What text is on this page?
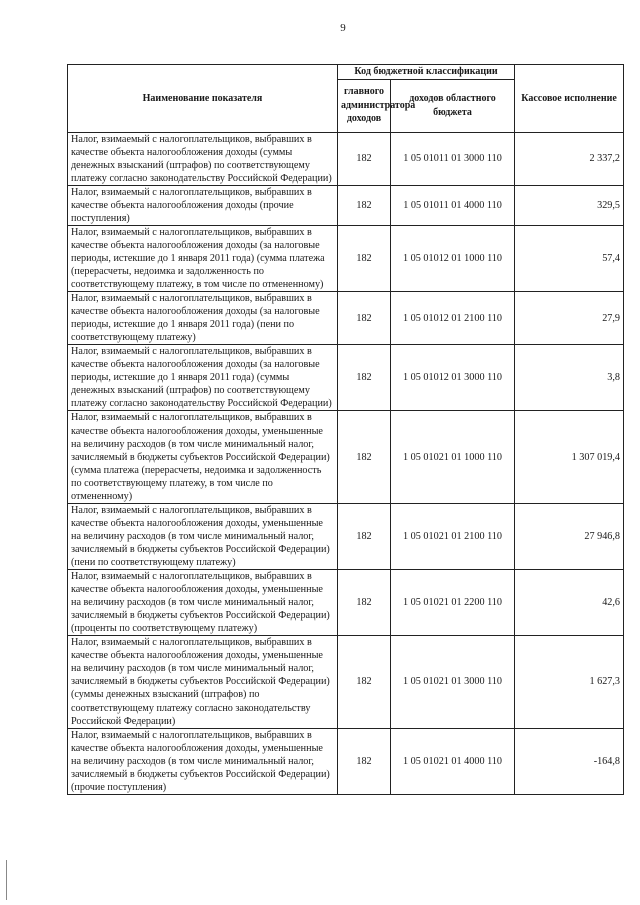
9
Наименование показателя	Код бюджетной классификации		Кассовое исполнение
	главного администратора доходов	доходов областного бюджета	
Налог, взимаемый с налогоплательщиков, выбравших в качестве объекта налогообложения доходы (суммы денежных взысканий (штрафов) по соответствующему платежу согласно законодательству Российской Федерации)	182	1 05 01011 01 3000 110	2 337,2
Налог, взимаемый с налогоплательщиков, выбравших в качестве объекта налогообложения доходы (прочие поступления)	182	1 05 01011 01 4000 110	329,5
Налог, взимаемый с налогоплательщиков, выбравших в качестве объекта налогообложения доходы (за налоговые периоды, истекшие до 1 января 2011 года) (сумма платежа (перерасчеты, недоимка и задолженность по соответствующему платежу, в том числе по отмененному)	182	1 05 01012 01 1000 110	57,4
Налог, взимаемый с налогоплательщиков, выбравших в качестве объекта налогообложения доходы (за налоговые периоды, истекшие до 1 января 2011 года) (пени по соответствующему платежу)	182	1 05 01012 01 2100 110	27,9
Налог, взимаемый с налогоплательщиков, выбравших в качестве объекта налогообложения доходы (за налоговые периоды, истекшие до 1 января 2011 года) (суммы денежных взысканий (штрафов) по соответствующему платежу согласно законодательству Российской Федерации)	182	1 05 01012 01 3000 110	3,8
Налог, взимаемый с налогоплательщиков, выбравших в качестве объекта налогообложения доходы, уменьшенные на величину расходов (в том числе минимальный налог, зачисляемый в бюджеты субъектов Российской Федерации) (сумма платежа (перерасчеты, недоимка и задолженность по соответствующему платежу, в том числе по отмененному)	182	1 05 01021 01 1000 110	1 307 019,4
Налог, взимаемый с налогоплательщиков, выбравших в качестве объекта налогообложения доходы, уменьшенные на величину расходов (в том числе минимальный налог, зачисляемый в бюджеты субъектов Российской Федерации) (пени по соответствующему платежу)	182	1 05 01021 01 2100 110	27 946,8
Налог, взимаемый с налогоплательщиков, выбравших в качестве объекта налогообложения доходы, уменьшенные на величину расходов (в том числе минимальный налог, зачисляемый в бюджеты субъектов Российской Федерации) (проценты по соответствующему платежу)	182	1 05 01021 01 2200 110	42,6
Налог, взимаемый с налогоплательщиков, выбравших в качестве объекта налогообложения доходы, уменьшенные на величину расходов (в том числе минимальный налог, зачисляемый в бюджеты субъектов Российской Федерации) (суммы денежных взысканий (штрафов) по соответствующему платежу согласно законодательству Российской Федерации)	182	1 05 01021 01 3000 110	1 627,3
Налог, взимаемый с налогоплательщиков, выбравших в качестве объекта налогообложения доходы, уменьшенные на величину расходов (в том числе минимальный налог, зачисляемый в бюджеты субъектов Российской Федерации) (прочие поступления)	182	1 05 01021 01 4000 110	-164,8
